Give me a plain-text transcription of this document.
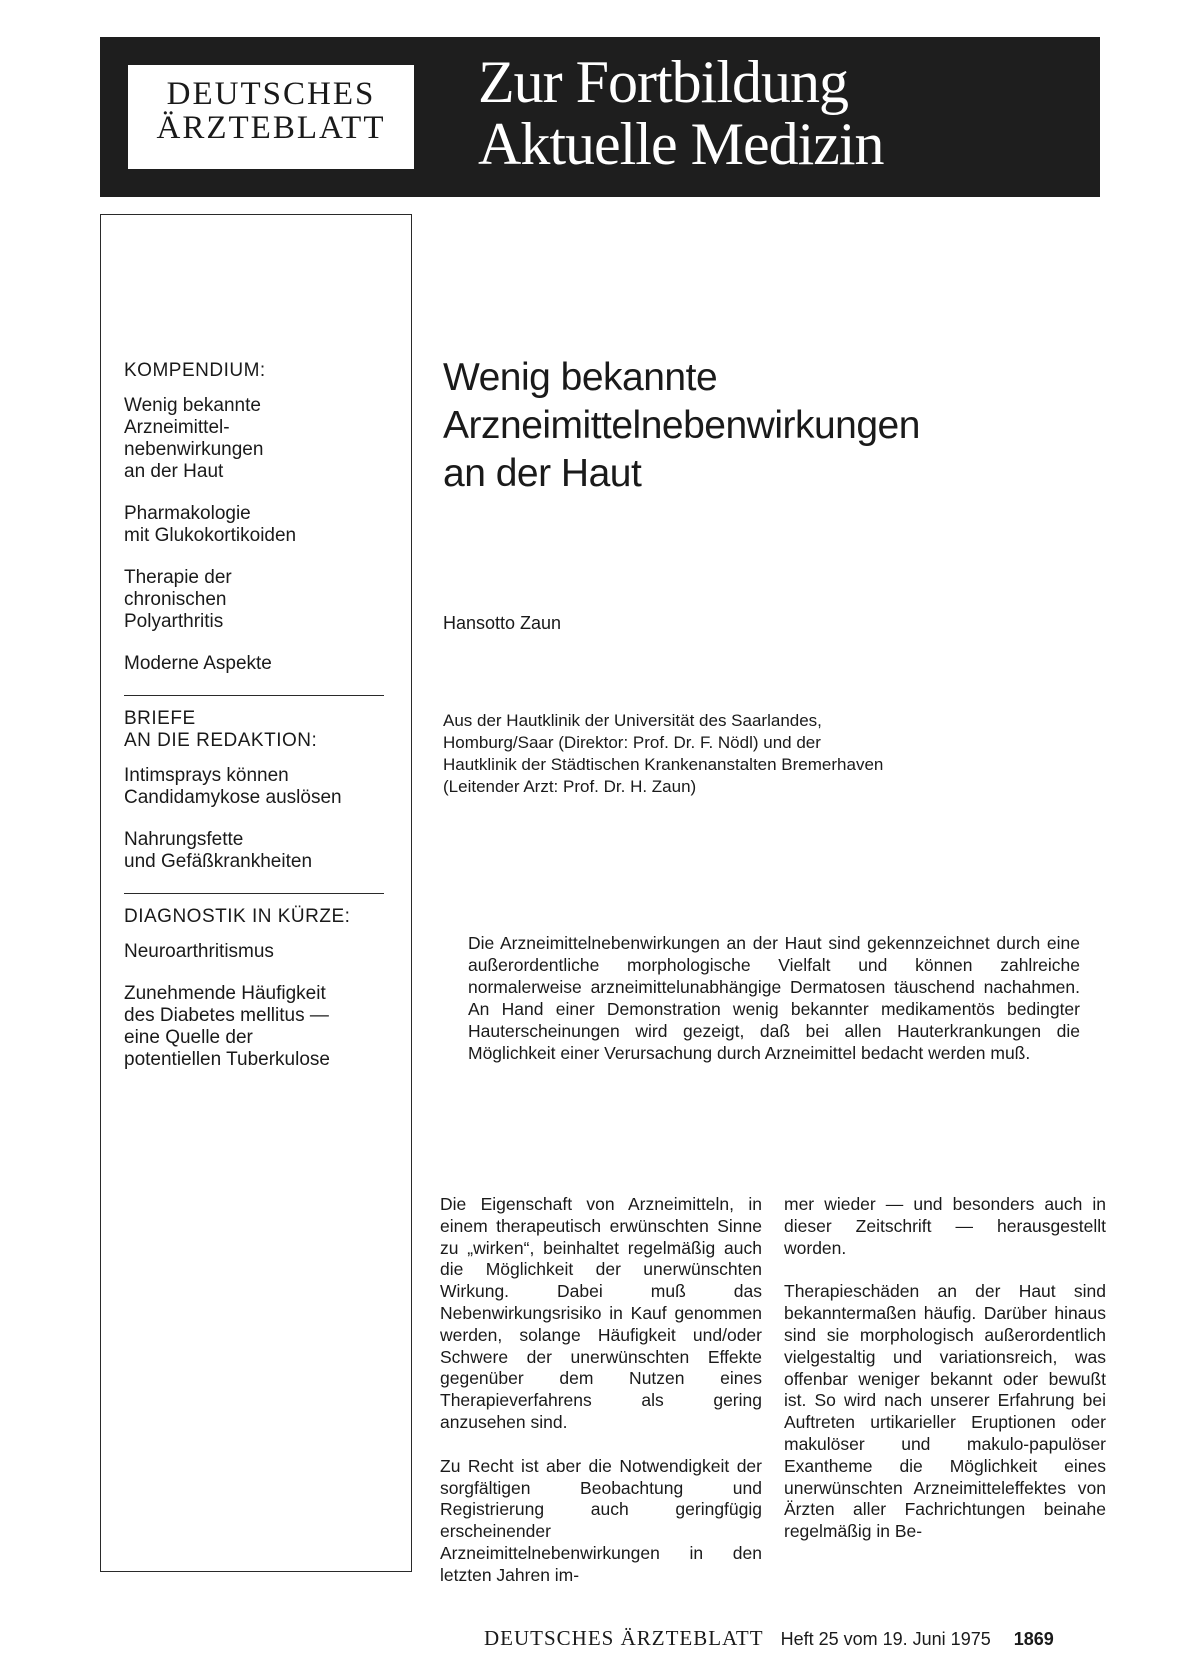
DEUTSCHES
ÄRZTEBLATT
Zur Fortbildung
Aktuelle Medizin
KOMPENDIUM:
Wenig bekannte
Arzneimittel-
nebenwirkungen
an der Haut
Pharmakologie
mit Glukokortikoiden
Therapie der
chronischen
Polyarthritis
Moderne Aspekte
BRIEFE
AN DIE REDAKTION:
Intimsprays können
Candidamykose auslösen
Nahrungsfette
und Gefäßkrankheiten
DIAGNOSTIK IN KÜRZE:
Neuroarthritismus
Zunehmende Häufigkeit
des Diabetes mellitus —
eine Quelle der
potentiellen Tuberkulose
Wenig bekannte
Arzneimittelnebenwirkungen
an der Haut

Hansotto Zaun

Aus der Hautklinik der Universität des Saarlandes,
Homburg/Saar (Direktor: Prof. Dr. F. Nödl) und der
Hautklinik der Städtischen Krankenanstalten Bremerhaven
(Leitender Arzt: Prof. Dr. H. Zaun)

Die Arzneimittelnebenwirkungen an der Haut sind gekennzeichnet durch eine außerordentliche morphologische Vielfalt und können zahlreiche normalerweise arzneimittelunabhängige Dermatosen täuschend nachahmen. An Hand einer Demonstration wenig bekannter medikamentös bedingter Hauterscheinungen wird gezeigt, daß bei allen Hauterkrankungen die Möglichkeit einer Verursachung durch Arzneimittel bedacht werden muß.

Die Eigenschaft von Arzneimitteln, in einem therapeutisch erwünschten Sinne zu „wirken“, beinhaltet regelmäßig auch die Möglichkeit der unerwünschten Wirkung. Dabei muß das Nebenwirkungsrisiko in Kauf genommen werden, solange Häufigkeit und/oder Schwere der unerwünschten Effekte gegenüber dem Nutzen eines Therapieverfahrens als gering anzusehen sind.

Zu Recht ist aber die Notwendigkeit der sorgfältigen Beobachtung und Registrierung auch geringfügig erscheinender Arzneimittelnebenwirkungen in den letzten Jahren im-

mer wieder — und besonders auch in dieser Zeitschrift — herausgestellt worden.

Therapieschäden an der Haut sind bekanntermaßen häufig. Darüber hinaus sind sie morphologisch außerordentlich vielgestaltig und variationsreich, was offenbar weniger bekannt oder bewußt ist. So wird nach unserer Erfahrung bei Auftreten urtikarieller Eruptionen oder makulöser und makulo-papulöser Exantheme die Möglichkeit eines unerwünschten Arzneimitteleffektes von Ärzten aller Fachrichtungen beinahe regelmäßig in Be-

DEUTSCHES ÄRZTEBLATT Heft 25 vom 19. Juni 1975 1869
